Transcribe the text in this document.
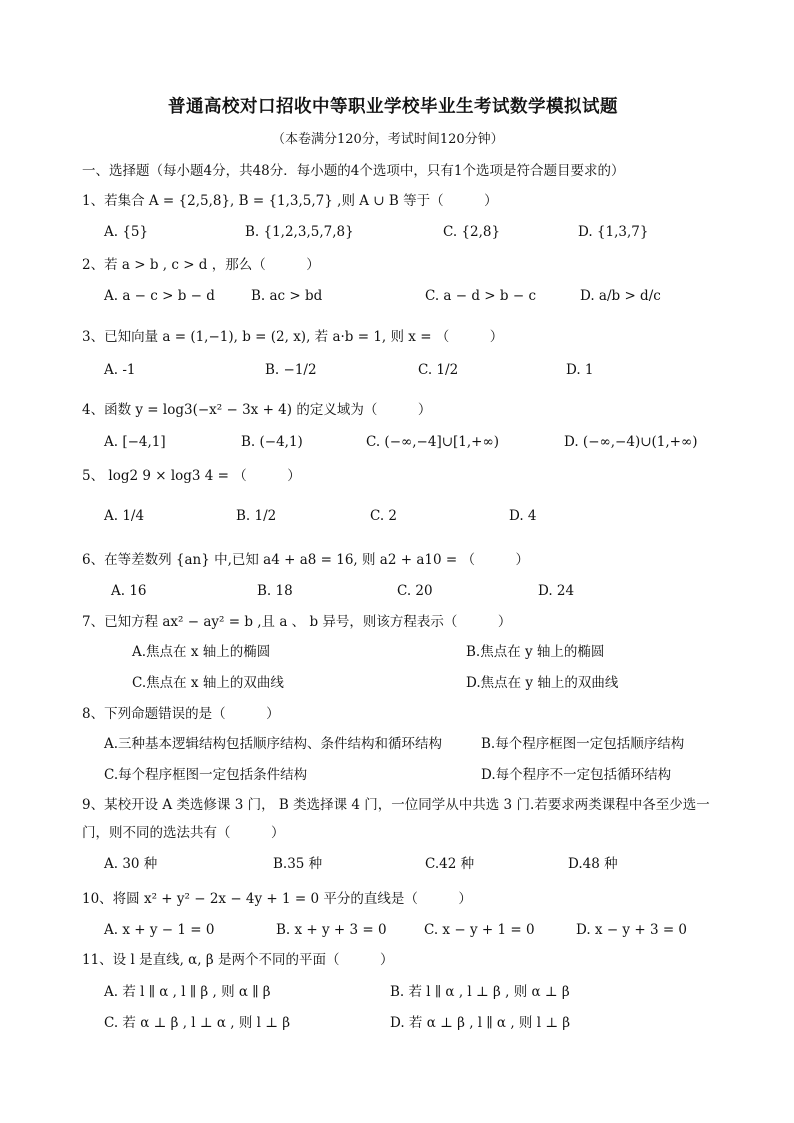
普通高校对口招收中等职业学校毕业生考试数学模拟试题
（本卷满分120分，考试时间120分钟）
一、选择题（每小题4分，共48分．每小题的4个选项中，只有1个选项是符合题目要求的）
1、若集合 A = {2,5,8}, B = {1,3,5,7} ,则 A ∪ B 等于（　　　）
A. {5}	B. {1,2,3,5,7,8}	C. {2,8}	D. {1,3,7}
2、若 a > b , c > d ，那么（　　　）
A. a − c > b − d	B. ac > bd	C. a − d > b − c	D. a/b > d/c
3、已知向量 a = (1,−1), b = (2, x), 若 a·b = 1, 则 x = （　　　）
A. -1	B. −1/2	C. 1/2	D. 1
4、函数 y = log3(−x² − 3x + 4) 的定义域为（　　　）
A. [−4,1]	B. (−4,1)	C. (−∞,−4]∪[1,+∞)	D. (−∞,−4)∪(1,+∞)
5、 log2 9 × log3 4 = （　　　）
A. 1/4	B. 1/2	C. 2	D. 4
6、在等差数列 {an} 中,已知 a4 + a8 = 16, 则 a2 + a10 = （　　　）
A. 16	B. 18	C. 20	D. 24
7、已知方程 ax² − ay² = b ,且 a 、 b 异号，则该方程表示（　　　）
A.焦点在 x 轴上的椭圆	B.焦点在 y 轴上的椭圆
C.焦点在 x 轴上的双曲线	D.焦点在 y 轴上的双曲线
8、下列命题错误的是（　　　）
A.三种基本逻辑结构包括顺序结构、条件结构和循环结构	B.每个程序框图一定包括顺序结构
C.每个程序框图一定包括条件结构	D.每个程序不一定包括循环结构
9、某校开设 A 类选修课 3 门， B 类选择课 4 门，一位同学从中共选 3 门.若要求两类课程中各至少选一
门，则不同的选法共有（　　　）
A. 30 种	B.35 种	C.42 种	D.48 种
10、将圆 x² + y² − 2x − 4y + 1 = 0 平分的直线是（　　　）
A. x + y − 1 = 0	B. x + y + 3 = 0	C. x − y + 1 = 0	D. x − y + 3 = 0
11、设 l 是直线, α, β 是两个不同的平面（　　　）
A. 若 l ∥ α , l ∥ β , 则 α ∥ β	B. 若 l ∥ α , l ⊥ β , 则 α ⊥ β
C. 若 α ⊥ β , l ⊥ α , 则 l ⊥ β	D. 若 α ⊥ β , l ∥ α , 则 l ⊥ β
